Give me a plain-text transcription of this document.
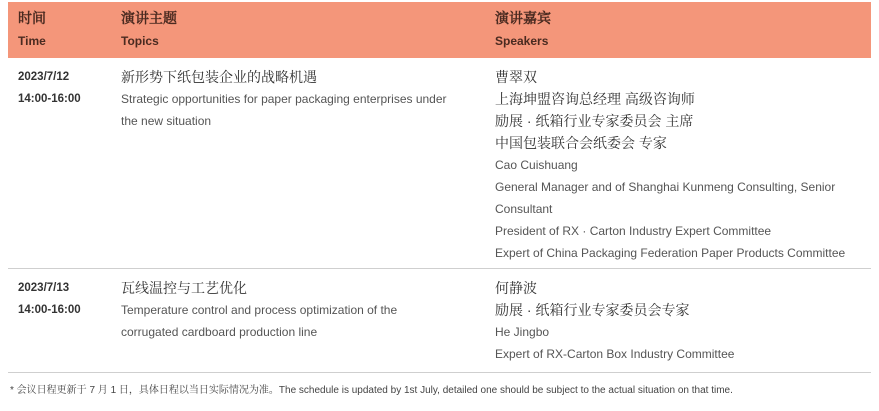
时间
Time
演讲主题
Topics
演讲嘉宾
Speakers
2023/7/12
14:00-16:00
新形势下纸包装企业的战略机遇
Strategic opportunities for paper packaging enterprises under the new situation
曹翠双
上海坤盟咨询总经理 高级咨询师
励展 · 纸箱行业专家委员会 主席
中国包装联合会纸委会 专家
Cao Cuishuang
General Manager and of Shanghai Kunmeng Consulting, Senior
Consultant
President of RX · Carton Industry Expert Committee
Expert of China Packaging Federation Paper Products Committee
2023/7/13
14:00-16:00
瓦线温控与工艺优化
Temperature control and process optimization of the corrugated cardboard production line
何静波
励展 · 纸箱行业专家委员会专家
He Jingbo
Expert of RX-Carton Box Industry Committee
* 会议日程更新于 7 月 1 日，具体日程以当日实际情况为准。The schedule is updated by 1st July, detailed one should be subject to the actual situation on that time.
